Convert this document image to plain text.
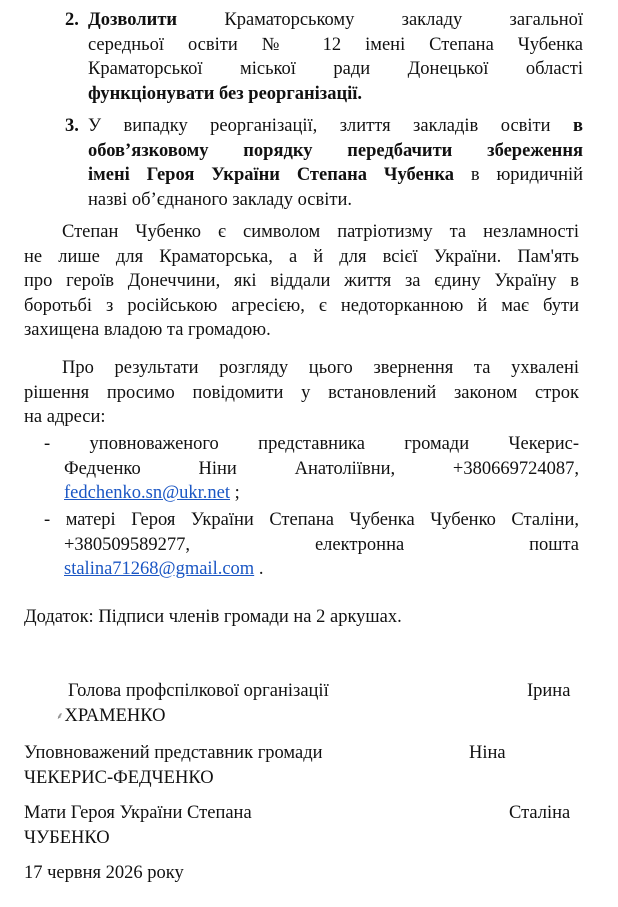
2. Дозволити Краматорському закладу загальної
середньої освіти № 12 імені Степана Чубенка
Краматорської міської ради Донецької області
функціонувати без реорганізації.
3. У випадку реорганізації, злиття закладів освіти в
обов’язковому порядку передбачити збереження
імені Героя України Степана Чубенка в юридичній
назві об’єднаного закладу освіти.
Степан Чубенко є символом патріотизму та незламності
не лише для Краматорська, а й для всієї України. Пам'ять
про героїв Донеччини, які віддали життя за єдину Україну в
боротьбі з російською агресією, є недоторканною й має бути
захищена владою та громадою.
Про результати розгляду цього звернення та ухвалені
рішення просимо повідомити у встановлений законом строк
на адреси:
- уповноваженого представника громади Чекерис-
Федченко Ніни Анатоліївни, +380669724087,
fedchenko.sn@ukr.net ;
- матері Героя України Степана Чубенка Чубенко Сталіни,
+380509589277, електронна пошта
stalina71268@gmail.com .
Додаток: Підписи членів громади на 2 аркушах.
Голова профспілкової організації	Ірина
⸙ХРАМЕНКО
Уповноважений представник громади	Ніна
ЧЕКЕРИС-ФЕДЧЕНКО
Мати Героя України Степана	Сталіна
ЧУБЕНКО
17 червня 2026 року
